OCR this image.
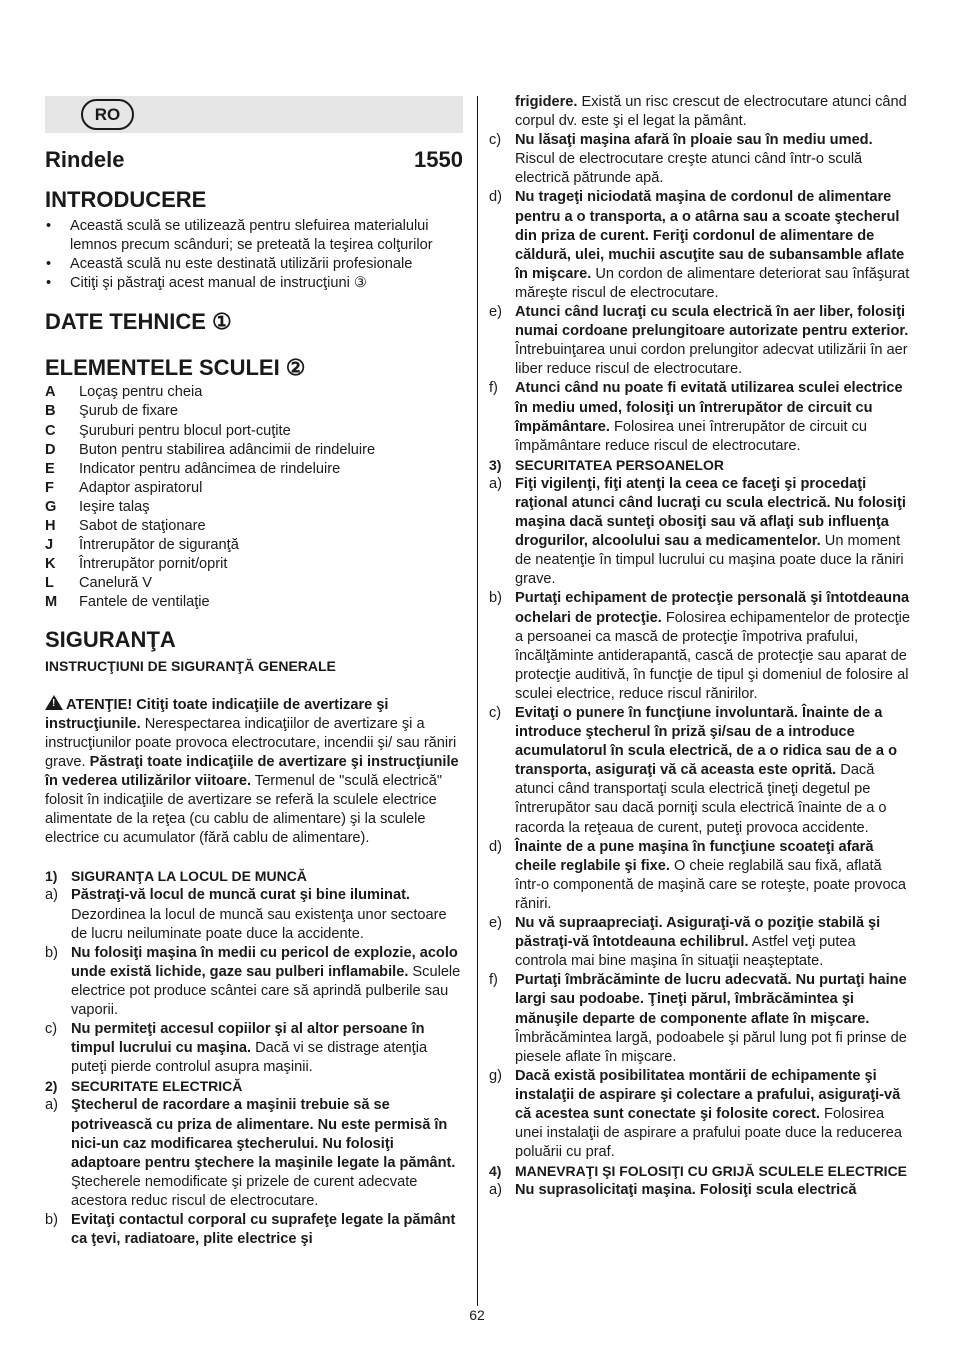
RO
Rindele	1550
INTRODUCERE
• Această sculă se utilizează pentru slefuirea materialului lemnos precum scânduri; se preteată la teşirea colţurilor
• Această sculă nu este destinată utilizării profesionale
• Citiţi şi păstraţi acest manual de instrucţiuni ③
DATE TEHNICE ①
ELEMENTELE SCULEI ②
A	Loçaş pentru cheia
B	Şurub de fixare
C	Şuruburi pentru blocul port-cuţite
D	Buton pentru stabilirea adâncimii de rindeluire
E	Indicator pentru adâncimea de rindeluire
F	Adaptor aspiratorul
G	Ieşire talaş
H	Sabot de staţionare
J	Întrerupător de siguranţă
K	Întrerupător pornit/oprit
L	Canelură V
M	Fantele de ventilaţie
SIGURANŢA
INSTRUCŢIUNI DE SIGURANŢĂ GENERALE
!ATENŢIE! Citiţi toate indicaţiile de avertizare şi instrucţiunile. Nerespectarea indicaţiilor de avertizare şi a instrucţiunilor poate provoca electrocutare, incendii şi/ sau răniri grave. Păstraţi toate indicaţiile de avertizare şi instrucţiunile în vederea utilizărilor viitoare. Termenul de "sculă electrică" folosit în indicaţiile de avertizare se referă la sculele electrice alimentate de la reţea (cu cablu de alimentare) şi la sculele electrice cu acumulator (fără cablu de alimentare).
1) SIGURANŢA LA LOCUL DE MUNCĂ
a) Păstraţi-vă locul de muncă curat şi bine iluminat. Dezordinea la locul de muncă sau existenţa unor sectoare de lucru neiluminate poate duce la accidente.
b) Nu folosiţi maşina în medii cu pericol de explozie, acolo unde există lichide, gaze sau pulberi inflamabile. Sculele electrice pot produce scântei care să aprindă pulberile sau vaporii.
c) Nu permiteţi accesul copiilor şi al altor persoane în timpul lucrului cu maşina. Dacă vi se distrage atenţia puteţi pierde controlul asupra maşinii.
2) SECURITATE ELECTRICĂ
a) Ştecherul de racordare a maşinii trebuie să se potrivească cu priza de alimentare. Nu este permisă în nici-un caz modificarea ştecherului. Nu folosiţi adaptoare pentru ştechere la maşinile legate la pământ. Ştecherele nemodificate şi prizele de curent adecvate acestora reduc riscul de electrocutare.
b) Evitaţi contactul corporal cu suprafeţe legate la pământ ca ţevi, radiatoare, plite electrice şi
frigidere. Există un risc crescut de electrocutare atunci când corpul dv. este şi el legat la pământ.
c) Nu lăsaţi maşina afară în ploaie sau în mediu umed. Riscul de electrocutare creşte atunci când într-o sculă electrică pătrunde apă.
d) Nu trageţi niciodată maşina de cordonul de alimentare pentru a o transporta, a o atârna sau a scoate ştecherul din priza de curent. Feriţi cordonul de alimentare de căldură, ulei, muchii ascuţite sau de subansamble aflate în mişcare. Un cordon de alimentare deteriorat sau înfăşurat măreşte riscul de electrocutare.
e) Atunci când lucraţi cu scula electrică în aer liber, folosiţi numai cordoane prelungitoare autorizate pentru exterior. Întrebuinţarea unui cordon prelungitor adecvat utilizării în aer liber reduce riscul de electrocutare.
f) Atunci când nu poate fi evitată utilizarea sculei electrice în mediu umed, folosiţi un întrerupător de circuit cu împământare. Folosirea unei întrerupător de circuit cu împământare reduce riscul de electrocutare.
3) SECURITATEA PERSOANELOR
a) Fiţi vigilenţi, fiţi atenţi la ceea ce faceţi şi procedaţi raţional atunci când lucraţi cu scula electrică. Nu folosiţi maşina dacă sunteţi obosiţi sau vă aflaţi sub influenţa drogurilor, alcoolului sau a medicamentelor. Un moment de neatenţie în timpul lucrului cu maşina poate duce la răniri grave.
b) Purtaţi echipament de protecţie personală şi întotdeauna ochelari de protecţie. Folosirea echipamentelor de protecţie a persoanei ca mască de protecţie împotriva prafului, încălţăminte antiderapantă, cască de protecţie sau aparat de protecţie auditivă, în funcţie de tipul şi domeniul de folosire al sculei electrice, reduce riscul rănirilor.
c) Evitaţi o punere în funcţiune involuntară. Înainte de a introduce ştecherul în priză şi/sau de a introduce acumulatorul în scula electrică, de a o ridica sau de a o transporta, asiguraţi vă că aceasta este oprită. Dacă atunci când transportaţi scula electrică ţineţi degetul pe întrerupător sau dacă porniţi scula electrică înainte de a o racorda la reţeaua de curent, puteţi provoca accidente.
d) Înainte de a pune maşina în funcţiune scoateţi afară cheile reglabile şi fixe. O cheie reglabilă sau fixă, aflată într-o componentă de maşină care se roteşte, poate provoca răniri.
e) Nu vă supraapreciaţi. Asiguraţi-vă o poziţie stabilă şi păstraţi-vă întotdeauna echilibrul. Astfel veţi putea controla mai bine maşina în situaţii neaşteptate.
f) Purtaţi îmbrăcăminte de lucru adecvată. Nu purtaţi haine largi sau podoabe. Ţineţi părul, îmbrăcămintea şi mănuşile departe de componente aflate în mişcare. Îmbrăcămintea largă, podoabele şi părul lung pot fi prinse de piesele aflate în mişcare.
g) Dacă există posibilitatea montării de echipamente şi instalaţii de aspirare şi colectare a prafului, asiguraţi-vă că acestea sunt conectate şi folosite corect. Folosirea unei instalaţii de aspirare a prafului poate duce la reducerea poluării cu praf.
4) MANEVRAŢI ŞI FOLOSIŢI CU GRIJĂ SCULELE ELECTRICE
a) Nu suprasolicitaţi maşina. Folosiţi scula electrică
62
